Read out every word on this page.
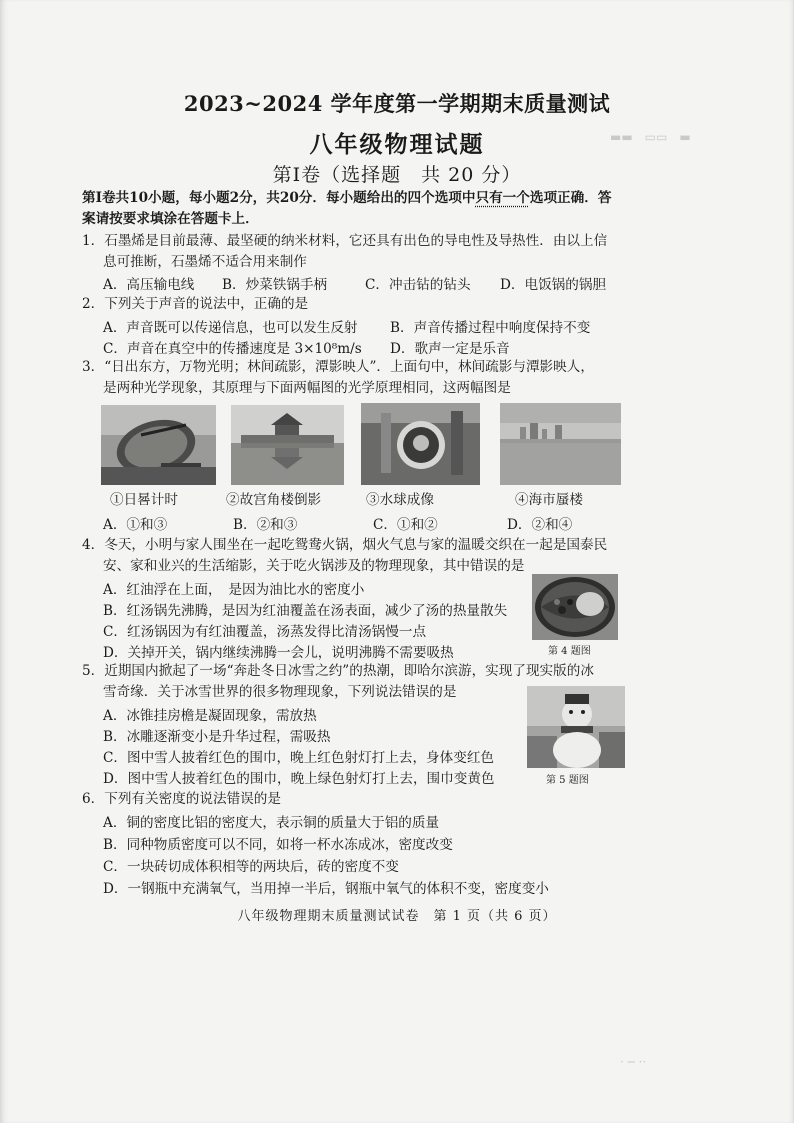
▬▬　▭▭　▬
2023~2024 学年度第一学期期末质量测试
八年级物理试题
第Ⅰ卷（选择题　共 20 分）
第Ⅰ卷共10小题，每小题2分，共20分．每小题给出的四个选项中只有一个选项正确．答
案请按要求填涂在答题卡上．
1．石墨烯是目前最薄、最坚硬的纳米材料，它还具有出色的导电性及导热性．由以上信
息可推断，石墨烯不适合用来制作
A．高压输电线 B．炒菜铁锅手柄	C．冲击钻的钻头 D．电饭锅的锅胆
2．下列关于声音的说法中，正确的是
A．声音既可以传递信息，也可以发生反射 B．声音传播过程中响度保持不变
C．声音在真空中的传播速度是 3×10⁸m/s D．歌声一定是乐音
3．“日出东方，万物光明；林间疏影，潭影映人”．上面句中，林间疏影与潭影映人，
是两种光学现象，其原理与下面两幅图的光学原理相同，这两幅图是
①日晷计时	②故宫角楼倒影	③水球成像	④海市蜃楼
A．①和③	B．②和③	C．①和②	D．②和④
4．冬天，小明与家人围坐在一起吃鸳鸯火锅，烟火气息与家的温暖交织在一起是国泰民
安、家和业兴的生活缩影，关于吃火锅涉及的物理现象，其中错误的是
A．红油浮在上面，　是因为油比水的密度小
B．红汤锅先沸腾，是因为红油覆盖在汤表面，减少了汤的热量散失
C．红汤锅因为有红油覆盖，汤蒸发得比清汤锅慢一点
D．关掉开关，锅内继续沸腾一会儿，说明沸腾不需要吸热	第 4 题图
5．近期国内掀起了一场“奔赴冬日冰雪之约”的热潮，即哈尔滨游，实现了现实版的冰
雪奇缘．关于冰雪世界的很多物理现象，下列说法错误的是
A．冰锥挂房檐是凝固现象，需放热
B．冰雕逐渐变小是升华过程，需吸热
C．图中雪人披着红色的围巾，晚上红色射灯打上去，身体变红色
D．图中雪人披着红色的围巾，晚上绿色射灯打上去，围巾变黄色	第 5 题图
6．下列有关密度的说法错误的是
A．铜的密度比铝的密度大，表示铜的质量大于铝的质量
B．同种物质密度可以不同，如将一杯水冻成冰，密度改变
C．一块砖切成体积相等的两块后，砖的密度不变
D．一钢瓶中充满氧气，当用掉一半后，钢瓶中氧气的体积不变，密度变小
八年级物理期末质量测试试卷　第 1 页（共 6 页）
· ─ ··
